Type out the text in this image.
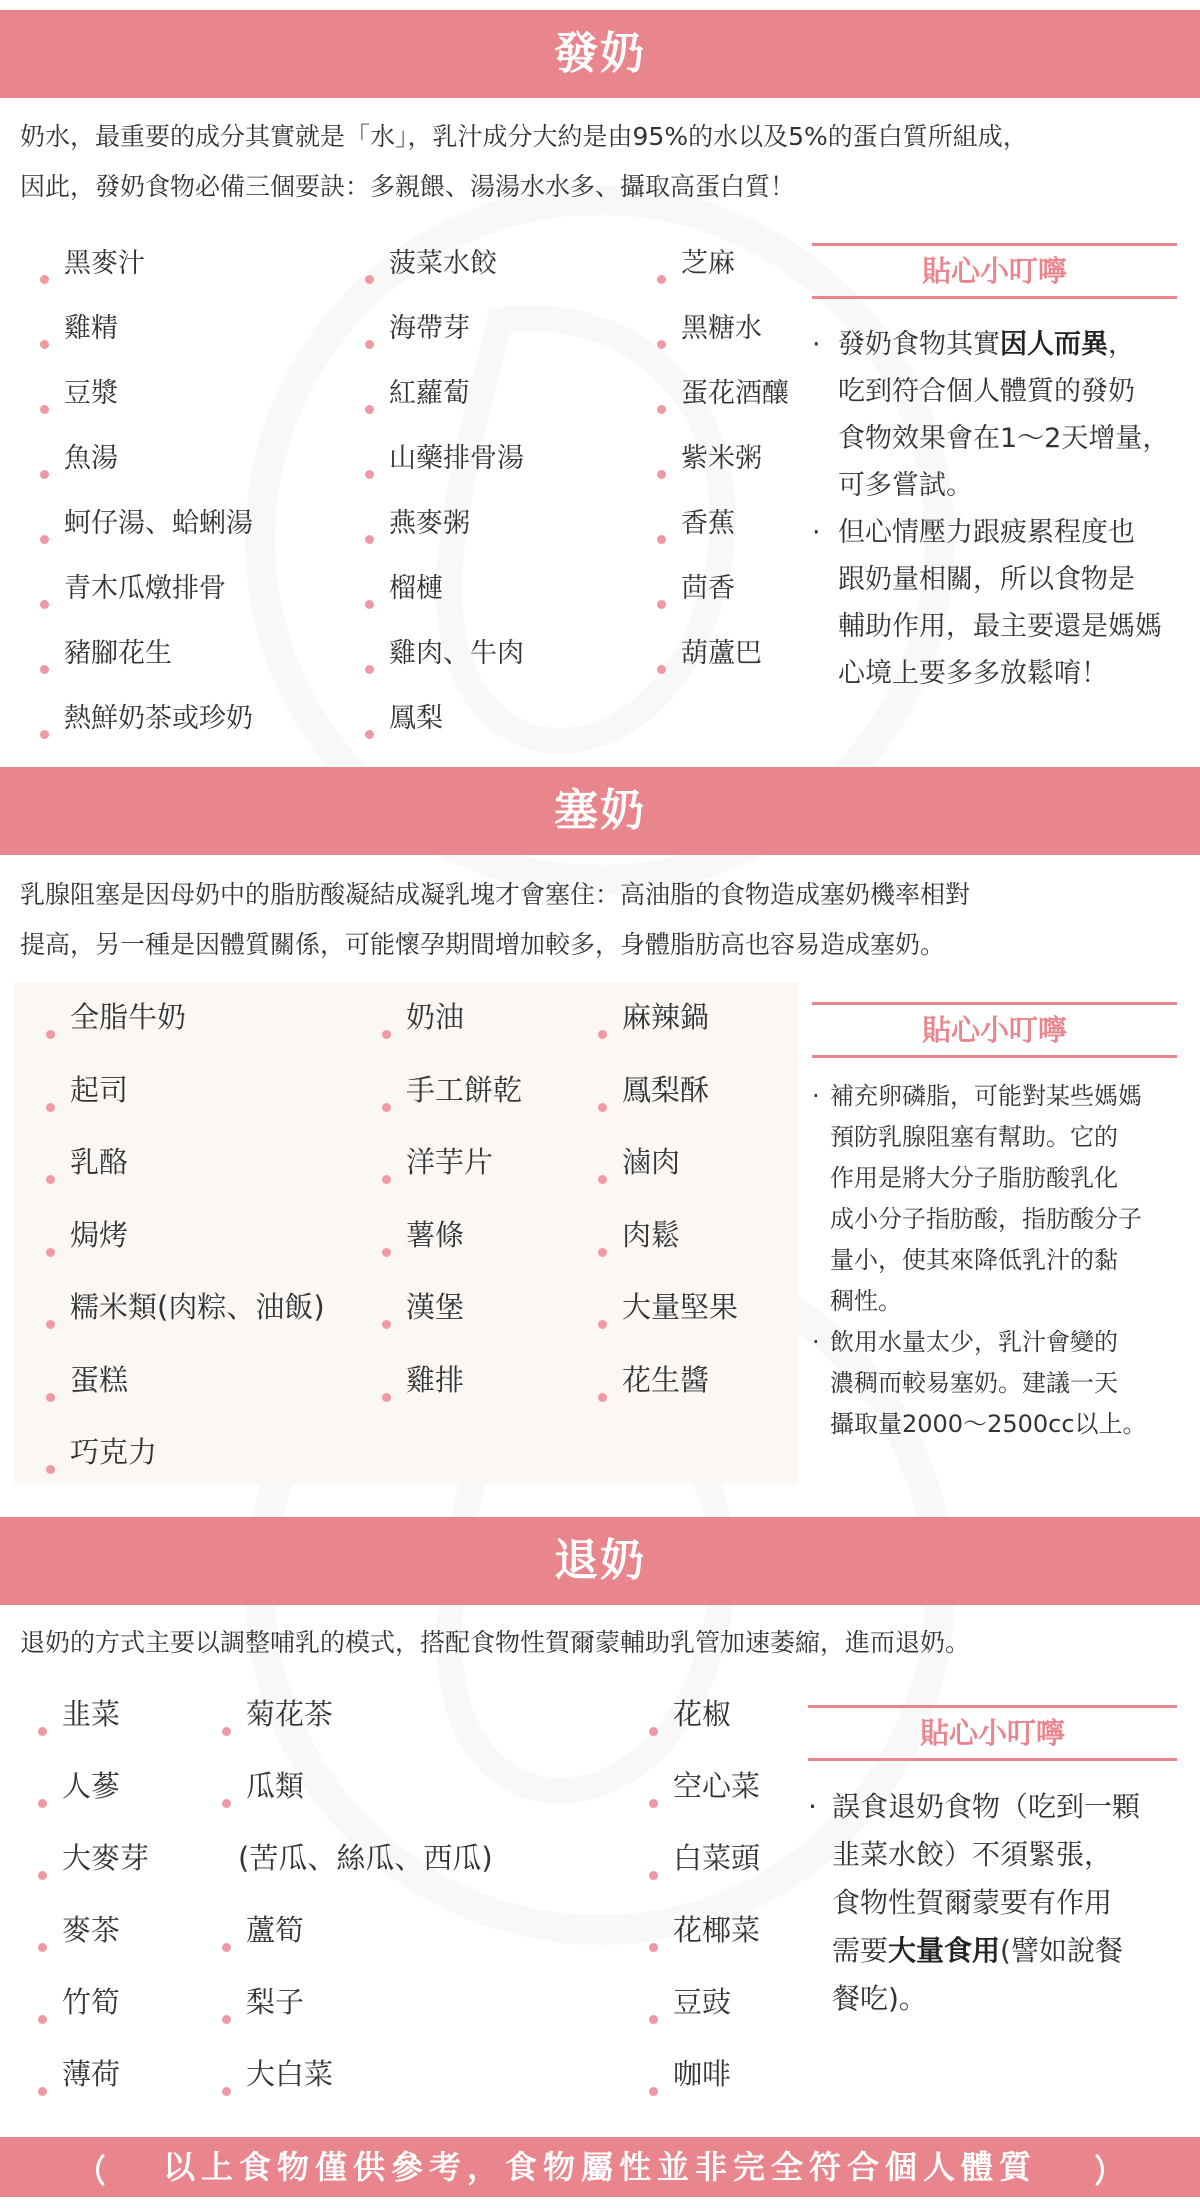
發奶
奶水，最重要的成分其實就是「水」，乳汁成分大約是由95%的水以及5%的蛋白質所組成，
因此，發奶食物必備三個要訣：多親餵、湯湯水水多、攝取高蛋白質！
黑麥汁
雞精
豆漿
魚湯
蚵仔湯、蛤蜊湯
青木瓜燉排骨
豬腳花生
熱鮮奶茶或珍奶
菠菜水餃
海帶芽
紅蘿蔔
山藥排骨湯
燕麥粥
榴槤
雞肉、牛肉
鳳梨
芝麻
黑糖水
蛋花酒釀
紫米粥
香蕉
茴香
葫蘆巴
貼心小叮嚀
· 發奶食物其實因人而異，
吃到符合個人體質的發奶
食物效果會在1～2天增量，
可多嘗試。
· 但心情壓力跟疲累程度也
跟奶量相關，所以食物是
輔助作用，最主要還是媽媽
心境上要多多放鬆唷！
塞奶
乳腺阻塞是因母奶中的脂肪酸凝結成凝乳塊才會塞住：高油脂的食物造成塞奶機率相對
提高，另一種是因體質關係，可能懷孕期間增加較多，身體脂肪高也容易造成塞奶。
全脂牛奶
起司
乳酪
焗烤
糯米類(肉粽、油飯)
蛋糕
巧克力
奶油
手工餅乾
洋芋片
薯條
漢堡
雞排
麻辣鍋
鳳梨酥
滷肉
肉鬆
大量堅果
花生醬
貼心小叮嚀
· 補充卵磷脂，可能對某些媽媽
預防乳腺阻塞有幫助。它的
作用是將大分子脂肪酸乳化
成小分子指肪酸，指肪酸分子
量小，使其來降低乳汁的黏
稠性。
· 飲用水量太少，乳汁會變的
濃稠而較易塞奶。建議一天
攝取量2000～2500cc以上。
退奶
退奶的方式主要以調整哺乳的模式，搭配食物性賀爾蒙輔助乳管加速萎縮，進而退奶。
韭菜
人蔘
大麥芽
麥茶
竹筍
薄荷
菊花茶
瓜類
(苦瓜、絲瓜、西瓜)
蘆筍
梨子
大白菜
花椒
空心菜
白菜頭
花椰菜
豆豉
咖啡
貼心小叮嚀
· 誤食退奶食物（吃到一顆
韭菜水餃）不須緊張，
食物性賀爾蒙要有作用
需要大量食用(譬如說餐
餐吃)。
以上食物僅供參考，食物屬性並非完全符合個人體質
